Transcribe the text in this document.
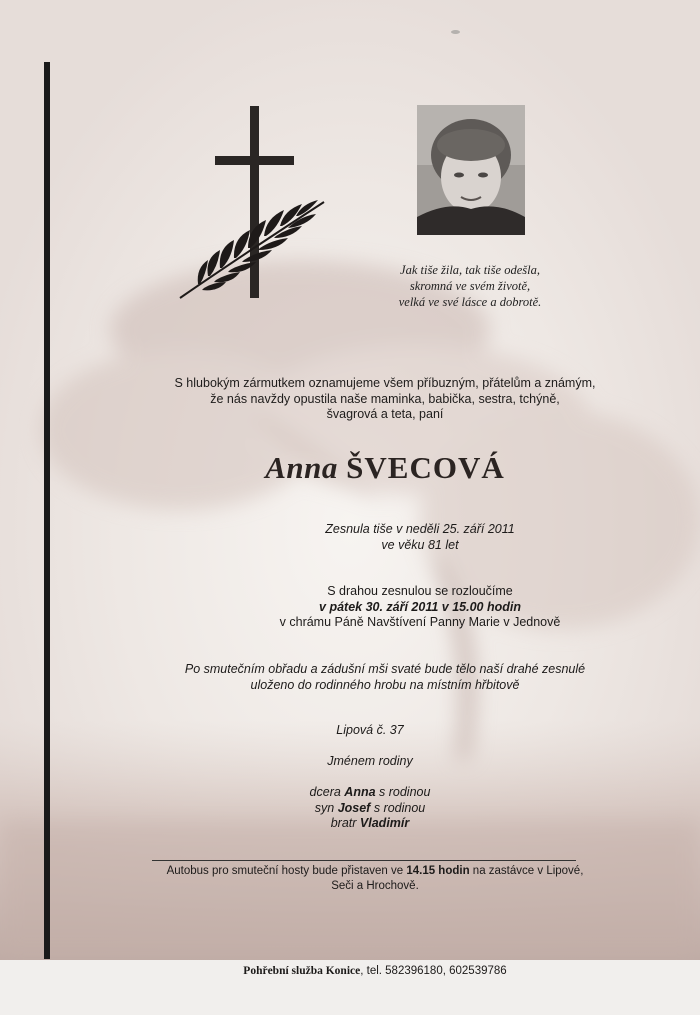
Jak tiše žila, tak tiše odešla,
skromná ve svém životě,
velká ve své lásce a dobrotě.
S hlubokým zármutkem oznamujeme všem příbuzným, přátelům a známým,
že nás navždy opustila naše maminka, babička, sestra, tchýně,
švagrová a teta, paní
Anna ŠVECOVÁ
Zesnula tiše v neděli 25. září 2011
ve věku 81 let
S drahou zesnulou se rozloučíme
v pátek 30. září 2011 v 15.00 hodin
v chrámu Páně Navštívení Panny Marie v Jednově
Po smutečním obřadu a zádušní mši svaté bude tělo naší drahé zesnulé
uloženo do rodinného hrobu na místním hřbitově
Lipová č. 37
Jménem rodiny
dcera Anna s rodinou
syn Josef s rodinou
bratr Vladimír
Autobus pro smuteční hosty bude přistaven ve 14.15 hodin na zastávce v Lipové,
Seči a Hrochově.
Pohřební služba Konice, tel. 582396180, 602539786
